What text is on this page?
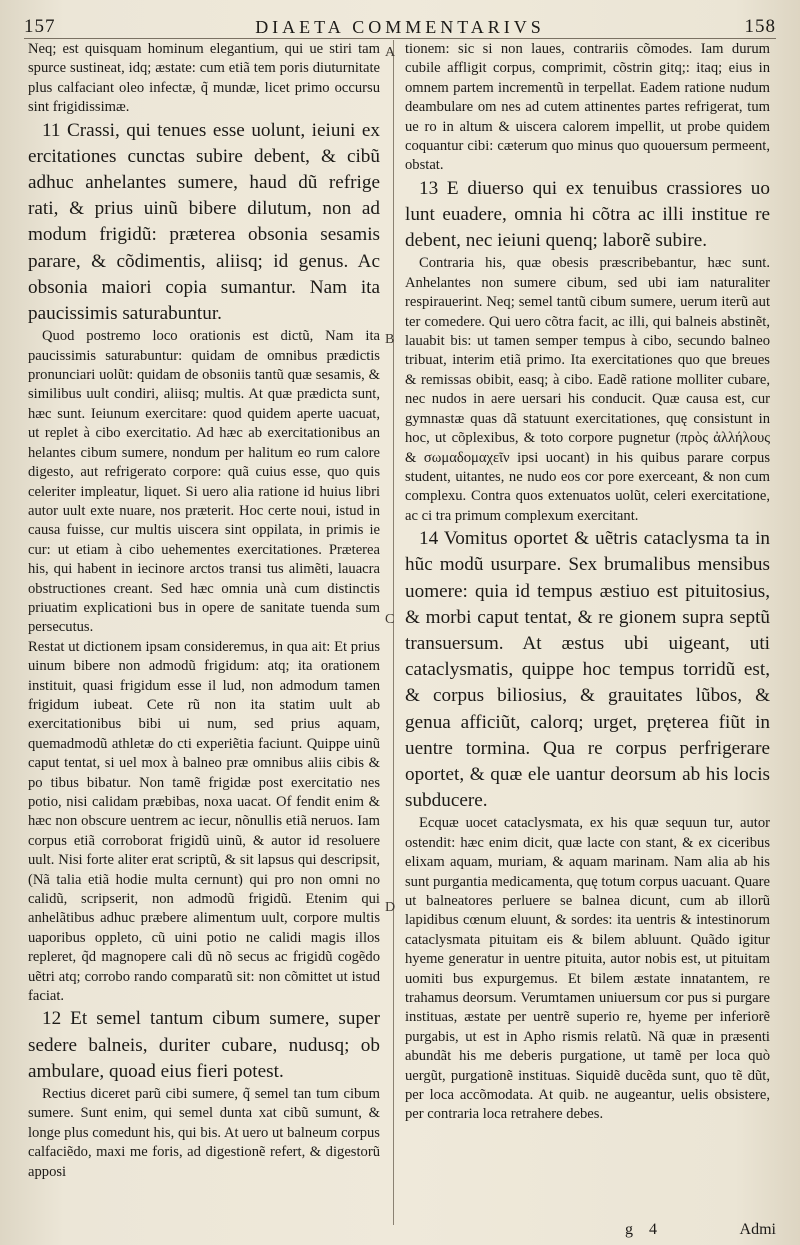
157	DIAETA COMMENTARIVS	158
A
B
C
D

Neq; est quisquam hominum elegantium, qui ue stiri tam spurce sustineat, idq; æstate: cum etiã tem poris diuturnitate plus calfaciant oleo infectæ, q̃ mundæ, licet primo occursu sint frigidissimæ.

11 Crassi, qui tenues esse uolunt, ieiuni ex ercitationes cunctas subire debent, & cibũ adhuc anhelantes sumere, haud dũ refrige rati, & prius uinũ bibere dilutum, non ad modum frigidũ: præterea obsonia sesamis parare, & cõdimentis, aliisq; id genus. Ac obsonia maiori copia sumantur. Nam ita paucissimis saturabuntur.

Quod postremo loco orationis est dictũ, Nam ita paucissimis saturabuntur: quidam de omnibus prædictis pronunciari uolũt: quidam de obsoniis tantũ quæ sesamis, & similibus uult condiri, aliisq; multis. At quæ prædicta sunt, hæc sunt. Ieiunum exercitare: quod quidem aperte uacuat, ut replet à cibo exercitatio. Ad hæc ab exercitationibus an helantes cibum sumere, nondum per halitum eo rum calore digesto, aut refrigerato corpore: quã cuius esse, quo quis celeriter impleatur, liquet. Si uero alia ratione id huius libri autor uult exte nuare, nos præterit. Hoc certe noui, istud in causa fuisse, cur multis uiscera sint oppilata, in primis ie cur: ut etiam à cibo uehementes exercitationes. Præterea his, qui habent in iecinore arctos transi tus alimẽti, lauacra obstructiones creant. Sed hæc omnia unà cum distinctis priuatim explicationi bus in opere de sanitate tuenda sum persecutus.

Restat ut dictionem ipsam consideremus, in qua ait: Et prius uinum bibere non admodũ frigidum: atq; ita orationem instituit, quasi frigidum esse il lud, non admodum tamen frigidum iubeat. Cete rũ non ita statim uult ab exercitationibus bibi ui num, sed prius aquam, quemadmodũ athletæ do cti experiẽtia faciunt. Quippe uinũ caput tentat, si uel mox à balneo præ omnibus aliis cibis & po tibus bibatur. Non tamẽ frigidæ post exercitatio nes potio, nisi calidam præbibas, noxa uacat. Of fendit enim & hæc non obscure uentrem ac iecur, nõnullis etiã neruos. Iam corpus etiã corroborat frigidũ uinũ, & autor id resoluere uult. Nisi forte aliter erat scriptũ, & sit lapsus qui descripsit, (Nã talia etiã hodie multa cernunt) qui pro non omni no calidũ, scripserit, non admodũ frigidũ. Etenim qui anhelãtibus adhuc præbere alimentum uult, corpore multis uaporibus oppleto, cũ uini potio ne calidi magis illos repleret, q̃d magnopere cali dũ nõ secus ac frigidũ cogẽdo uẽtri atq; corrobo rando comparatũ sit: non cõmittet ut istud faciat.

12 Et semel tantum cibum sumere, super sedere balneis, duriter cubare, nudusq; ob ambulare, quoad eius fieri potest.

Rectius diceret parũ cibi sumere, q̃ semel tan tum cibum sumere. Sunt enim, qui semel dunta xat cibũ sumunt, & longe plus comedunt his, qui bis. At uero ut balneum corpus calfaciẽdo, maxi me foris, ad digestionẽ refert, & digestorũ apposi

tionem: sic si non laues, contrariis cõmodes. Iam durum cubile affligit corpus, comprimit, cõstrin gitq;: itaq; eius in omnem partem incrementũ in terpellat. Eadem ratione nudum deambulare om nes ad cutem attinentes partes refrigerat, tum ue ro in altum & uiscera calorem impellit, ut probe quidem coquantur cibi: cæterum quo minus quo quouersum permeent, obstat.

13 E diuerso qui ex tenuibus crassiores uo lunt euadere, omnia hi cõtra ac illi institue re debent, nec ieiuni quenq; laborẽ subire.

Contraria his, quæ obesis præscribebantur, hæc sunt. Anhelantes non sumere cibum, sed ubi iam naturaliter respirauerint. Neq; semel tantũ cibum sumere, uerum iterũ aut ter comedere. Qui uero cõtra facit, ac illi, qui balneis abstinẽt, lauabit bis: ut tamen semper tempus à cibo, secundo balneo tribuat, interim etiã primo. Ita exercitationes quo que breues & remissas obibit, easq; à cibo. Eadẽ ratione molliter cubare, nec nudos in aere uersari his conducit. Quæ causa est, cur gymnastæ quas dã statuunt exercitationes, quę consistunt in hoc, ut cõplexibus, & toto corpore pugnetur (πρὸς ἀλλήλους & σωμαδομαχεῖν ipsi uocant) in his quibus parare corpus student, uitantes, ne nudo eos cor pore exerceant, & non cum complexu. Contra quos extenuatos uolũt, celeri exercitatione, ac ci tra primum complexum exercitant.

14 Vomitus oportet & uẽtris cataclysma ta in hũc modũ usurpare. Sex brumalibus mensibus uomere: quia id tempus æstiuo est pituitosius, & morbi caput tentat, & re gionem supra septũ transuersum. At æstus ubi uigeant, uti cataclysmatis, quippe hoc tempus torridũ est, & corpus biliosius, & grauitates lũbos, & genua afficiũt, calorq; urget, pręterea fiũt in uentre tormina. Qua re corpus perfrigerare oportet, & quæ ele uantur deorsum ab his locis subducere.

Ecquæ uocet cataclysmata, ex his quæ sequun tur, autor ostendit: hæc enim dicit, quæ lacte con stant, & ex ciceribus elixam aquam, muriam, & aquam marinam. Nam alia ab his sunt purgantia medicamenta, quę totum corpus uacuant. Quare ut balneatores perluere se balnea dicunt, cum ab illorũ lapidibus cœnum eluunt, & sordes: ita uentris & intestinorum cataclysmata pituitam eis & bilem abluunt. Quãdo igitur hyeme generatur in uentre pituita, autor nobis est, ut pituitam uomiti bus expurgemus. Et bilem æstate innatantem, re trahamus deorsum. Verumtamen uniuersum cor pus si purgare instituas, æstate per uentrẽ superio re, hyeme per inferiorẽ purgabis, ut est in Apho rismis relatũ. Nã quæ in præsenti abundãt his me deberis purgatione, ut tamẽ per loca quò uergũt, purgationẽ instituas. Siquidẽ ducẽda sunt, quo tẽ dũt, per loca accõmodata. At quib. ne augeantur, uelis obsistere, per contraria loca retrahere debes.

g 4	Admi
